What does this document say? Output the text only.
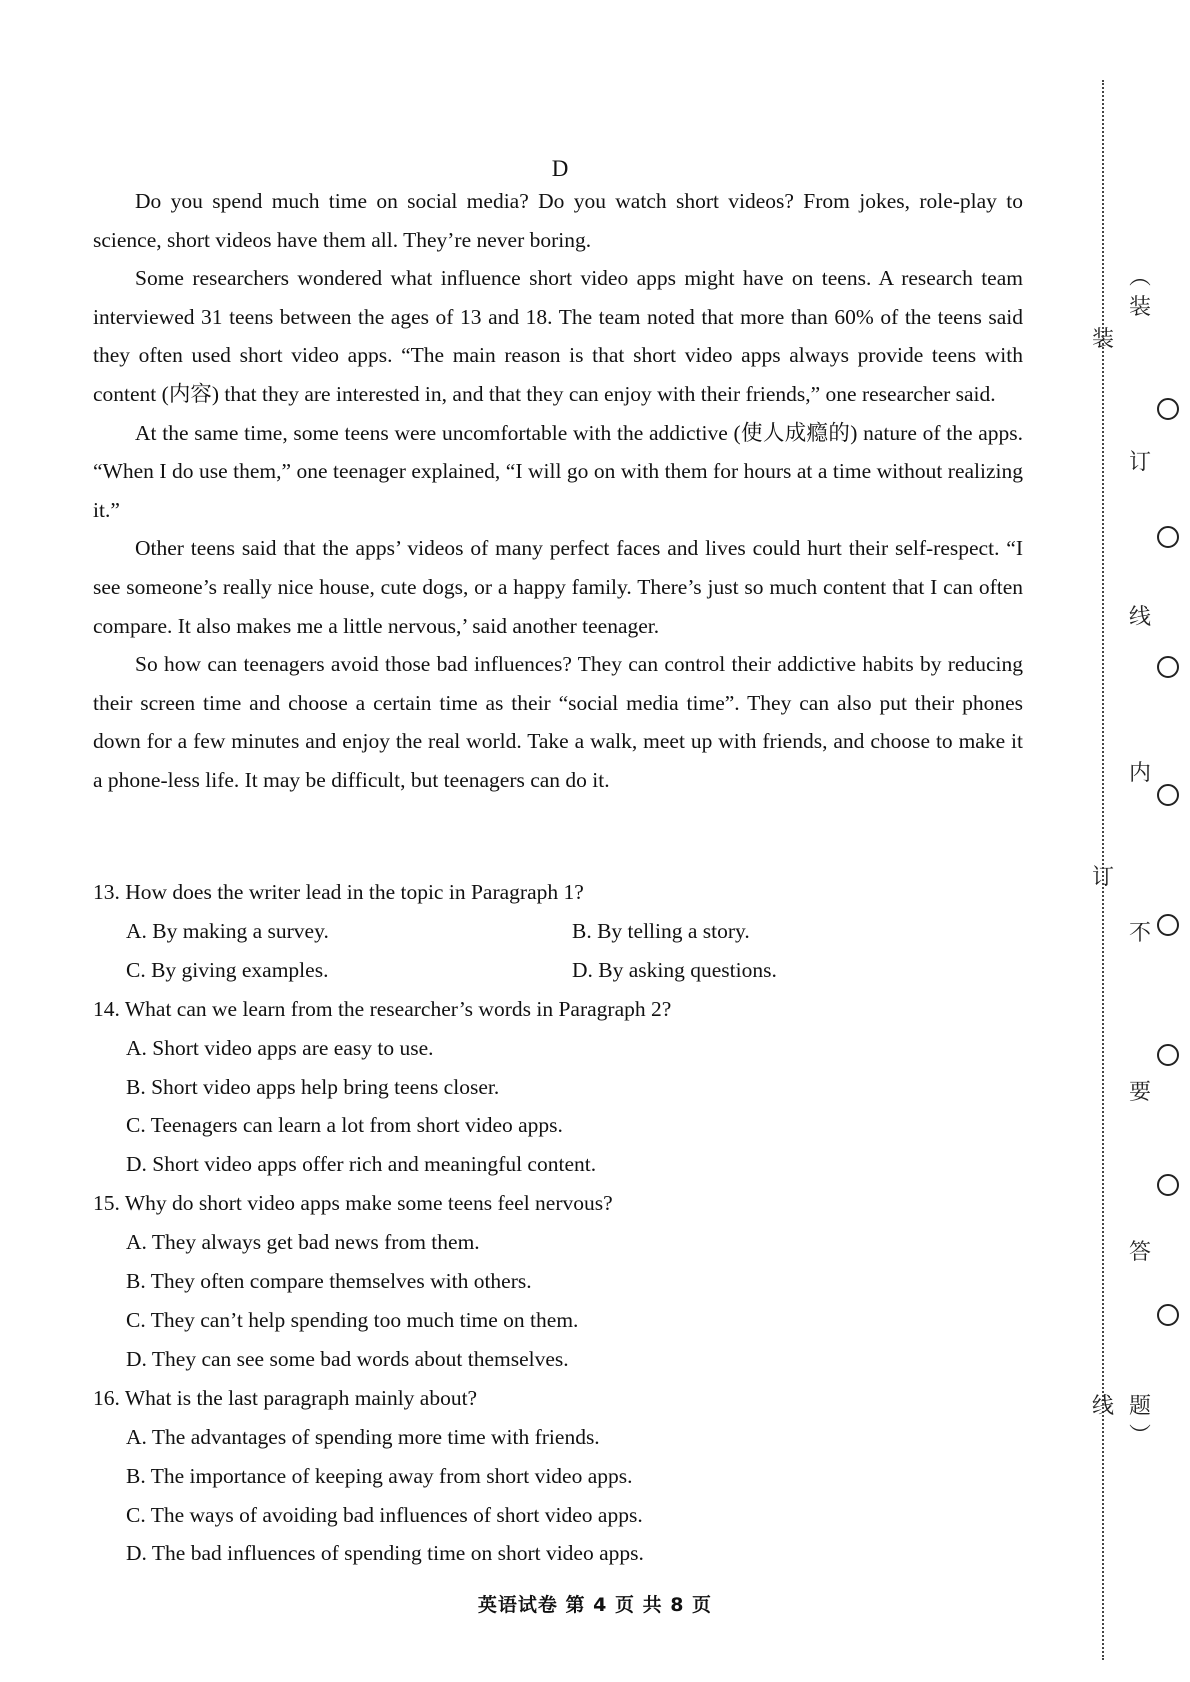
D

Do you spend much time on social media? Do you watch short videos? From jokes, role-play to science, short videos have them all. They’re never boring.

Some researchers wondered what influence short video apps might have on teens. A research team interviewed 31 teens between the ages of 13 and 18. The team noted that more than 60% of the teens said they often used short video apps. “The main reason is that short video apps always provide teens with content (内容) that they are interested in, and that they can enjoy with their friends,” one researcher said.

At the same time, some teens were uncomfortable with the addictive (使人成瘾的) nature of the apps. “When I do use them,” one teenager explained, “I will go on with them for hours at a time without realizing it.”

Other teens said that the apps’ videos of many perfect faces and lives could hurt their self-respect. “I see someone’s really nice house, cute dogs, or a happy family. There’s just so much content that I can often compare. It also makes me a little nervous,’ said another teenager.

So how can teenagers avoid those bad influences? They can control their addictive habits by reducing their screen time and choose a certain time as their “social media time”. They can also put their phones down for a few minutes and enjoy the real world. Take a walk, meet up with friends, and choose to make it a phone-less life. It may be difficult, but teenagers can do it.

13. How does the writer lead in the topic in Paragraph 1?
A. By making a survey.	B. By telling a story.
C. By giving examples.	D. By asking questions.
14. What can we learn from the researcher’s words in Paragraph 2?
A. Short video apps are easy to use.
B. Short video apps help bring teens closer.
C. Teenagers can learn a lot from short video apps.
D. Short video apps offer rich and meaningful content.
15. Why do short video apps make some teens feel nervous?
A. They always get bad news from them.
B. They often compare themselves with others.
C. They can’t help spending too much time on them.
D. They can see some bad words about themselves.
16. What is the last paragraph mainly about?
A. The advantages of spending more time with friends.
B. The importance of keeping away from short video apps.
C. The ways of avoiding bad influences of short video apps.
D. The bad influences of spending time on short video apps.
英语试卷 第 4 页 共 8 页
装
订
线
︵
装
订
线
内
不
要
答
题
︶
